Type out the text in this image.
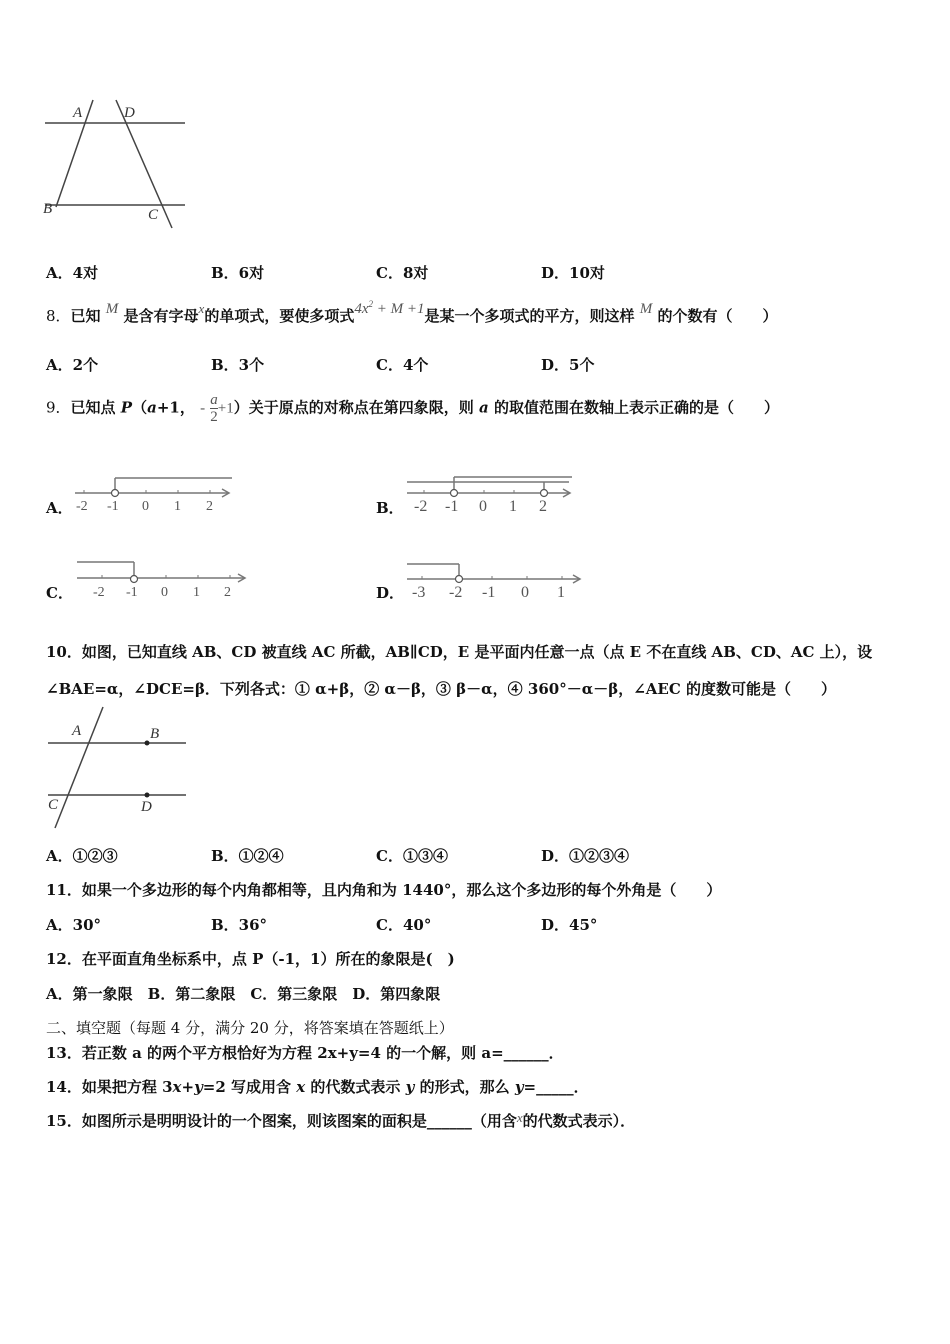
A	D
B	C
A．4对	B．6对	C．8对	D．10对
8．已知 M 是含有字母x的单项式，要使多项式$4x^2 + M +1$是某一个多项式的平方，则这样 M 的个数有（　　）
A．2个	B．3个	C．4个	D．5个
9．已知点 P（a+1， - $\frac{a}{2} +1$）关于原点的对称点在第四象限，则 a 的取值范围在数轴上表示正确的是（　　）
A． -2 -1 0 1 2	B． -2 -1 0 1 2
C． -2 -1 0 1 2	D． -3 -2 -1 0 1
10．如图，已知直线 AB、CD 被直线 AC 所截，AB∥CD，E 是平面内任意一点（点 E 不在直线 AB、CD、AC 上），设
∠BAE=α，∠DCE=β．下列各式：① α+β，② α－β，③ β－α，④ 360°－α－β，∠AEC 的度数可能是（　　）
A	B
C	D
A．①②③	B．①②④	C．①③④	D．①②③④
11．如果一个多边形的每个内角都相等，且内角和为 1440°，那么这个多边形的每个外角是（　　）
A．30°	B．36°	C．40°	D．45°
12．在平面直角坐标系中，点 P（-1，1）所在的象限是(　)
A．第一象限　B．第二象限　C．第三象限　D．第四象限
二、填空题（每题 4 分，满分 20 分，将答案填在答题纸上）
13．若正数 a 的两个平方根恰好为方程 2x+y=4 的一个解，则 a=______．
14．如果把方程 3x+y=2 写成用含 x 的代数式表示 y 的形式，那么 y=_____．
15．如图所示是明明设计的一个图案，则该图案的面积是______（用含x的代数式表示）．
